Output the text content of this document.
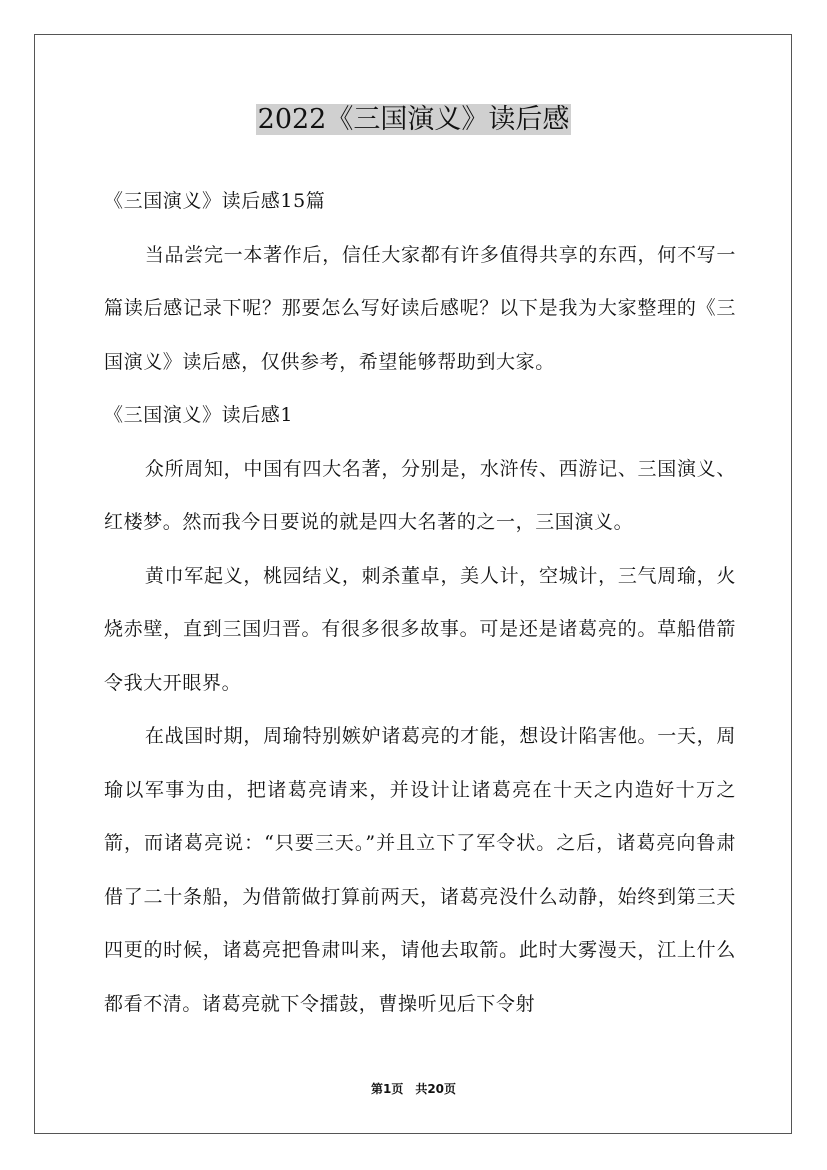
2022《三国演义》读后感

《三国演义》读后感15篇

当品尝完一本著作后，信任大家都有许多值得共享的东西，何不写一篇读后感记录下呢？那要怎么写好读后感呢？以下是我为大家整理的《三国演义》读后感，仅供参考，希望能够帮助到大家。

《三国演义》读后感1

众所周知，中国有四大名著，分别是，水浒传、西游记、三国演义、红楼梦。然而我今日要说的就是四大名著的之一，三国演义。

黄巾军起义，桃园结义，刺杀董卓，美人计，空城计，三气周瑜，火烧赤壁，直到三国归晋。有很多很多故事。可是还是诸葛亮的。草船借箭令我大开眼界。

在战国时期，周瑜特别嫉妒诸葛亮的才能，想设计陷害他。一天，周瑜以军事为由，把诸葛亮请来，并设计让诸葛亮在十天之内造好十万之箭，而诸葛亮说：“只要三天。”并且立下了军令状。之后，诸葛亮向鲁肃借了二十条船，为借箭做打算前两天，诸葛亮没什么动静，始终到第三天四更的时候，诸葛亮把鲁肃叫来，请他去取箭。此时大雾漫天，江上什么都看不清。诸葛亮就下令擂鼓，曹操听见后下令射

第1页　共20页
